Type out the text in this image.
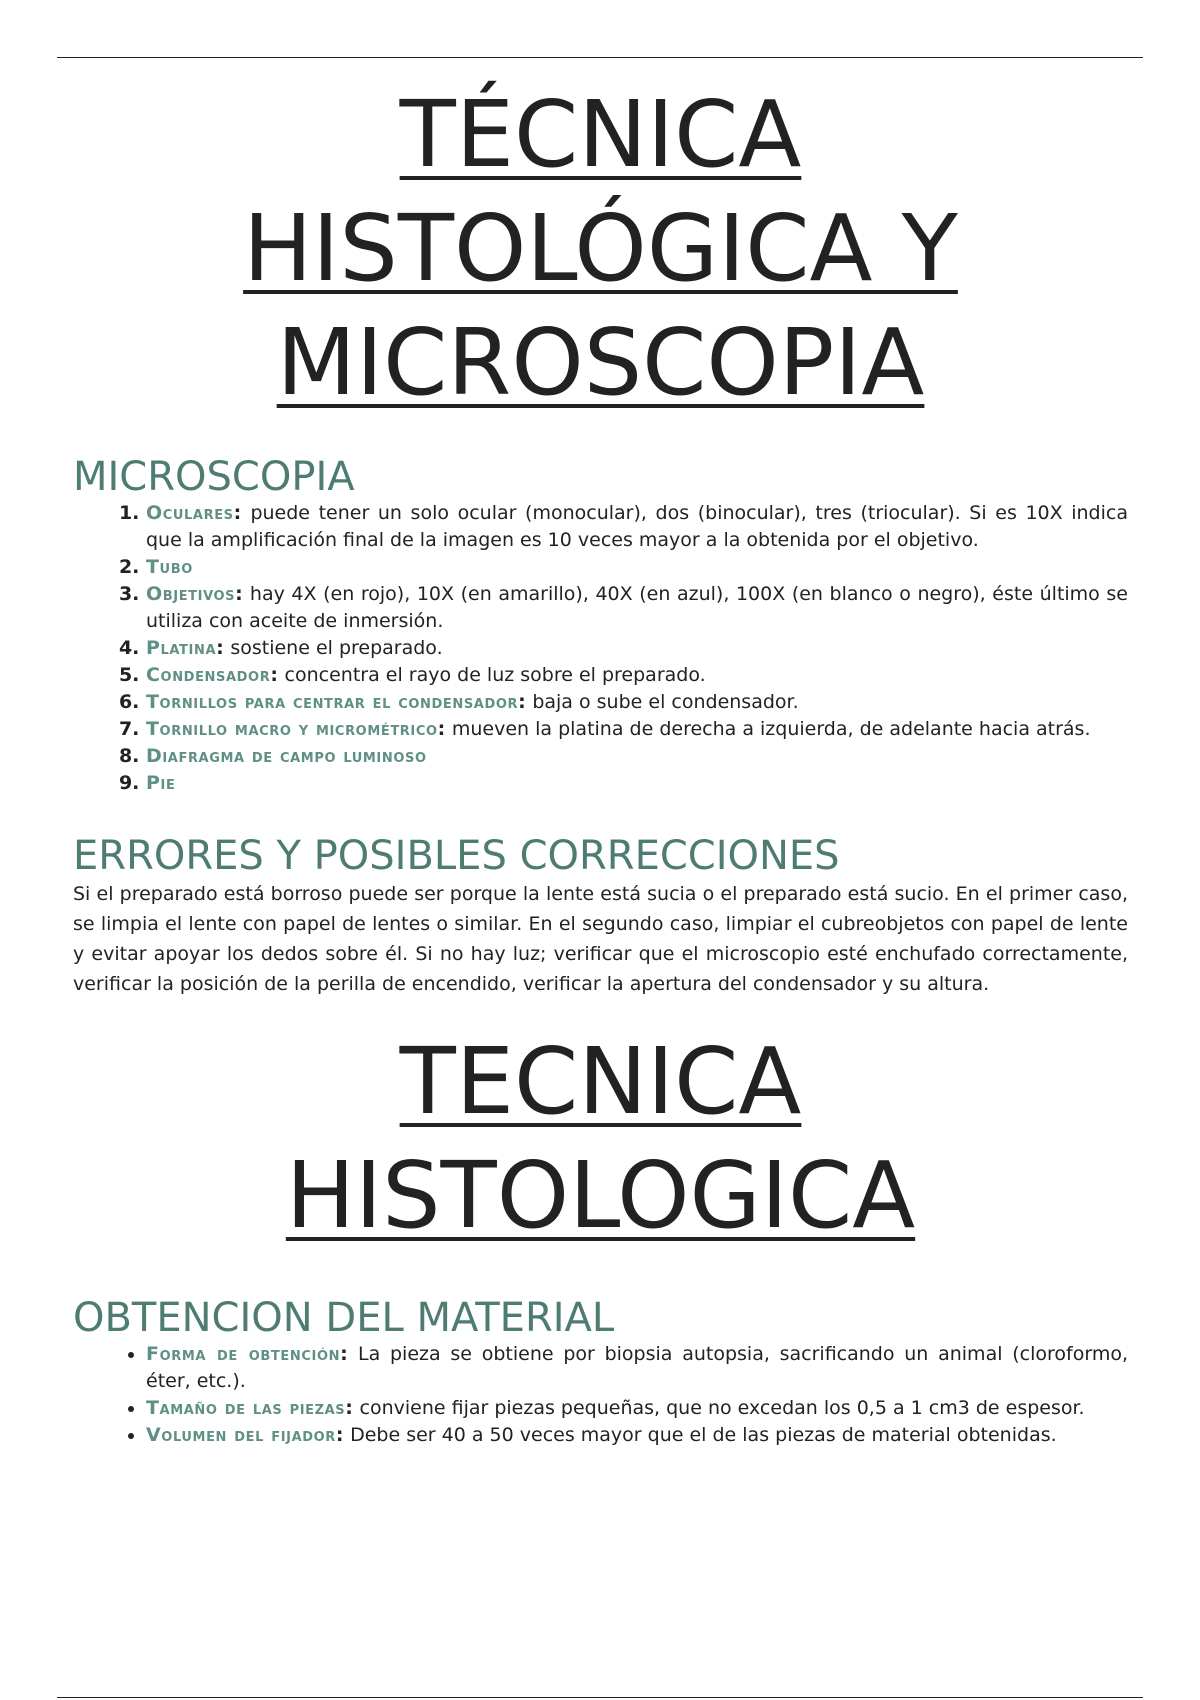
TÉCNICA
HISTOLÓGICA Y
MICROSCOPIA
MICROSCOPIA
1. Oculares: puede tener un solo ocular (monocular), dos (binocular), tres (triocular). Si es 10X indica que la amplificación final de la imagen es 10 veces mayor a la obtenida por el objetivo.
2. Tubo
3. Objetivos: hay 4X (en rojo), 10X (en amarillo), 40X (en azul), 100X (en blanco o negro), éste último se utiliza con aceite de inmersión.
4. Platina: sostiene el preparado.
5. Condensador: concentra el rayo de luz sobre el preparado.
6. Tornillos para centrar el condensador: baja o sube el condensador.
7. Tornillo macro y micrométrico: mueven la platina de derecha a izquierda, de adelante hacia atrás.
8. Diafragma de campo luminoso
9. Pie
ERRORES Y POSIBLES CORRECCIONES

Si el preparado está borroso puede ser porque la lente está sucia o el preparado está sucio. En el primer caso, se limpia el lente con papel de lentes o similar. En el segundo caso, limpiar el cubreobjetos con papel de lente y evitar apoyar los dedos sobre él. Si no hay luz; verificar que el microscopio esté enchufado correctamente, verificar la posición de la perilla de encendido, verificar la apertura del condensador y su altura.

TECNICA
HISTOLOGICA
OBTENCION DEL MATERIAL
• Forma de obtención: La pieza se obtiene por biopsia autopsia, sacrificando un animal (cloroformo, éter, etc.).
• Tamaño de las piezas: conviene fijar piezas pequeñas, que no excedan los 0,5 a 1 cm3 de espesor.
• Volumen del fijador: Debe ser 40 a 50 veces mayor que el de las piezas de material obtenidas.
